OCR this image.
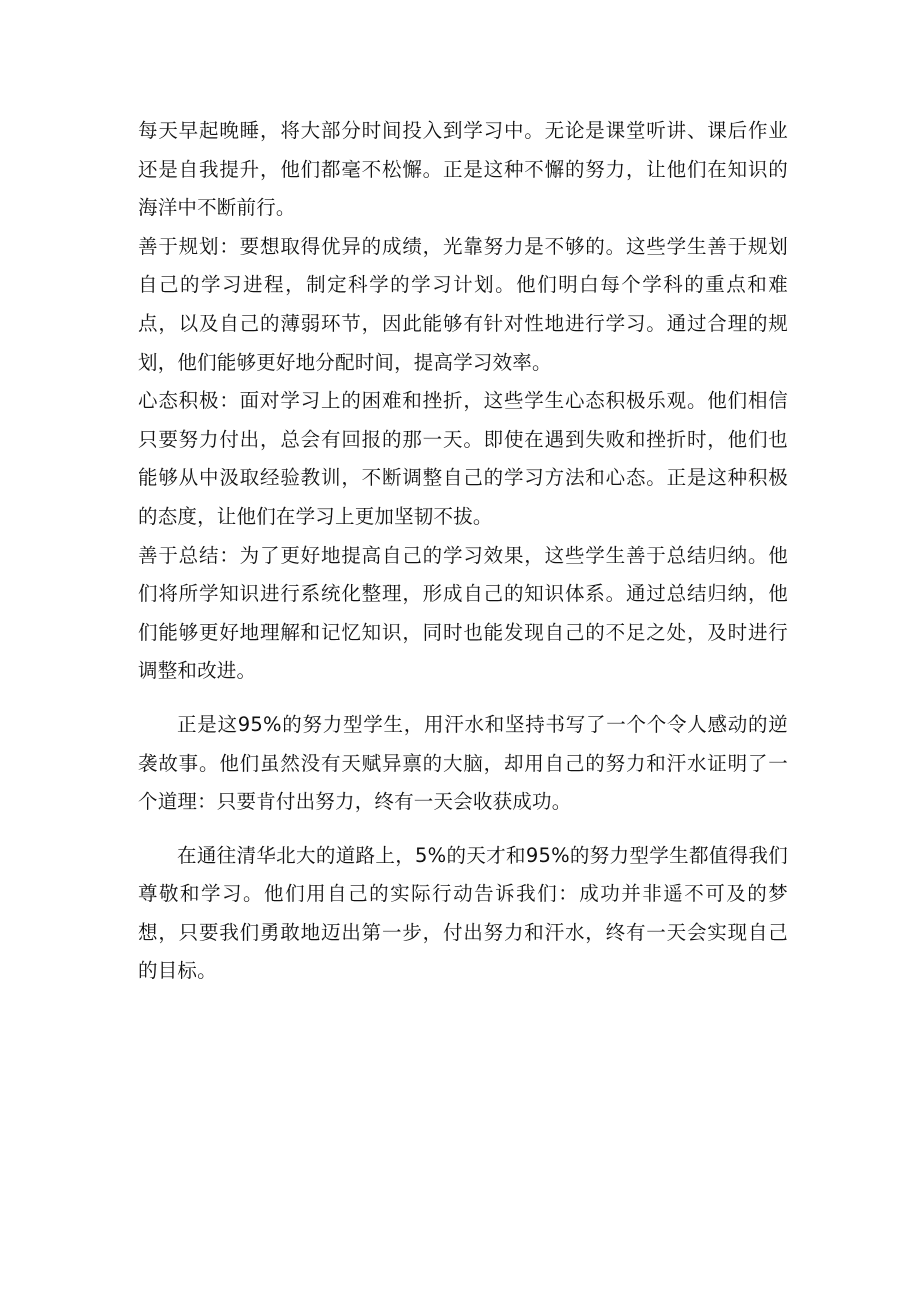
每天早起晚睡，将大部分时间投入到学习中。无论是课堂听讲、课后作业还是自我提升，他们都毫不松懈。正是这种不懈的努力，让他们在知识的海洋中不断前行。

善于规划：要想取得优异的成绩，光靠努力是不够的。这些学生善于规划自己的学习进程，制定科学的学习计划。他们明白每个学科的重点和难点，以及自己的薄弱环节，因此能够有针对性地进行学习。通过合理的规划，他们能够更好地分配时间，提高学习效率。

心态积极：面对学习上的困难和挫折，这些学生心态积极乐观。他们相信只要努力付出，总会有回报的那一天。即使在遇到失败和挫折时，他们也能够从中汲取经验教训，不断调整自己的学习方法和心态。正是这种积极的态度，让他们在学习上更加坚韧不拔。

善于总结：为了更好地提高自己的学习效果，这些学生善于总结归纳。他们将所学知识进行系统化整理，形成自己的知识体系。通过总结归纳，他们能够更好地理解和记忆知识，同时也能发现自己的不足之处，及时进行调整和改进。

正是这95%的努力型学生，用汗水和坚持书写了一个个令人感动的逆袭故事。他们虽然没有天赋异禀的大脑，却用自己的努力和汗水证明了一个道理：只要肯付出努力，终有一天会收获成功。

在通往清华北大的道路上，5%的天才和95%的努力型学生都值得我们尊敬和学习。他们用自己的实际行动告诉我们：成功并非遥不可及的梦想，只要我们勇敢地迈出第一步，付出努力和汗水，终有一天会实现自己的目标。
